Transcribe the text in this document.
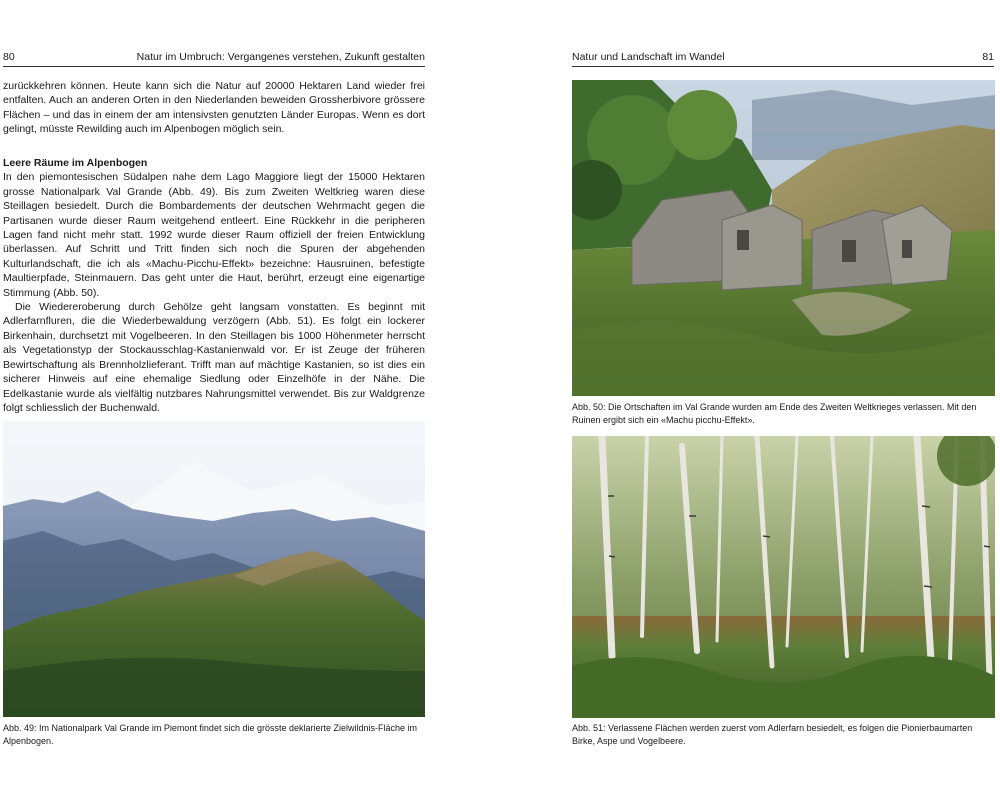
80	Natur im Umbruch: Vergangenes verstehen, Zukunft gestalten

zurückkehren können. Heute kann sich die Natur auf 20000 Hektaren Land wieder frei entfalten. Auch an anderen Orten in den Niederlanden beweiden Grossherbivore grössere Flächen – und das in einem der am intensivsten genutzten Länder Europas. Wenn es dort gelingt, müsste Rewilding auch im Alpenbogen möglich sein.

Leere Räume im Alpenbogen

In den piemontesischen Südalpen nahe dem Lago Maggiore liegt der 15000 Hektaren grosse Nationalpark Val Grande (Abb. 49). Bis zum Zweiten Weltkrieg waren diese Steillagen besiedelt. Durch die Bombardements der deutschen Wehrmacht gegen die Partisanen wurde dieser Raum weitgehend entleert. Eine Rückkehr in die peripheren Lagen fand nicht mehr statt. 1992 wurde dieser Raum offiziell der freien Entwicklung überlassen. Auf Schritt und Tritt finden sich noch die Spuren der abgehenden Kulturlandschaft, die ich als «Machu-Picchu-Effekt» bezeichne: Hausruinen, befestigte Maultierpfade, Steinmauern. Das geht unter die Haut, berührt, erzeugt eine eigenartige Stimmung (Abb. 50).

Die Wiedereroberung durch Gehölze geht langsam vonstatten. Es beginnt mit Adlerfarnfluren, die die Wiederbewaldung verzögern (Abb. 51). Es folgt ein lockerer Birkenhain, durchsetzt mit Vogelbeeren. In den Steillagen bis 1000 Höhenmeter herrscht als Vegetationstyp der Stockausschlag-Kastanienwald vor. Er ist Zeuge der früheren Bewirtschaftung als Brennholzlieferant. Trifft man auf mächtige Kastanien, so ist dies ein sicherer Hinweis auf eine ehemalige Siedlung oder Einzelhöfe in der Nähe. Die Edelkastanie wurde als vielfältig nutzbares Nahrungsmittel verwendet. Bis zur Waldgrenze folgt schliesslich der Buchenwald.

Abb. 49: Im Nationalpark Val Grande im Piemont findet sich die grösste deklarierte Zielwildnis-Fläche im Alpenbogen.
Natur und Landschaft im Wandel	81
Abb. 50: Die Ortschaften im Val Grande wurden am Ende des Zweiten Weltkrieges verlassen. Mit den Ruinen ergibt sich ein «Machu picchu-Effekt».
Abb. 51: Verlassene Flächen werden zuerst vom Adlerfarn besiedelt, es folgen die Pionierbaumarten Birke, Aspe und Vogelbeere.
